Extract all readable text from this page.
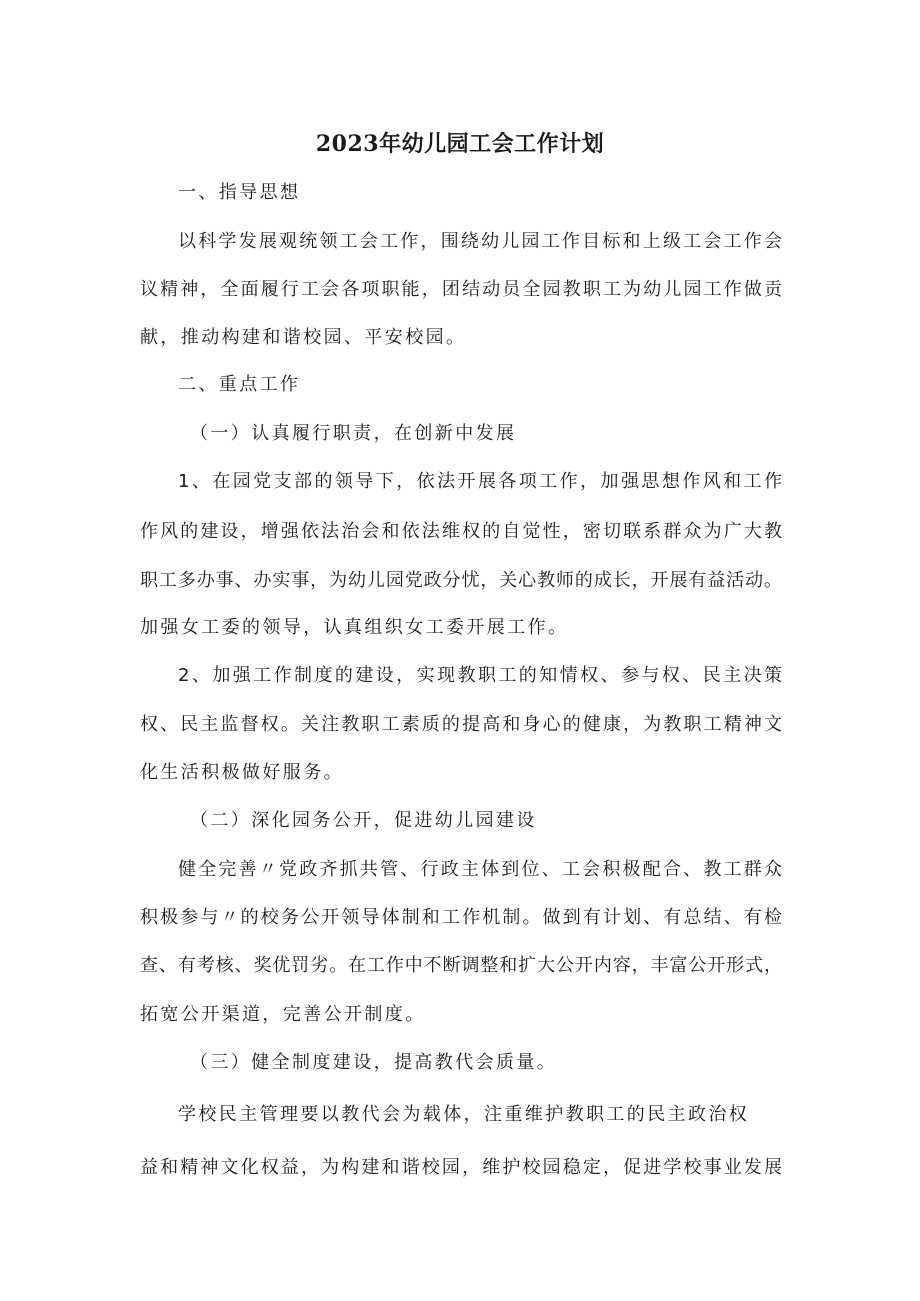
2023年幼儿园工会工作计划
一、指导思想
以科学发展观统领工会工作，围绕幼儿园工作目标和上级工会工作会
议精神，全面履行工会各项职能，团结动员全园教职工为幼儿园工作做贡
献，推动构建和谐校园、平安校园。
二、重点工作
（一）认真履行职责，在创新中发展
1、在园党支部的领导下，依法开展各项工作，加强思想作风和工作
作风的建设，增强依法治会和依法维权的自觉性，密切联系群众为广大教
职工多办事、办实事，为幼儿园党政分忧，关心教师的成长，开展有益活动。
加强女工委的领导，认真组织女工委开展工作。
2、加强工作制度的建设，实现教职工的知情权、参与权、民主决策
权、民主监督权。关注教职工素质的提高和身心的健康，为教职工精神文
化生活积极做好服务。
（二）深化园务公开，促进幼儿园建设
健全完善〃党政齐抓共管、行政主体到位、工会积极配合、教工群众
积极参与〃的校务公开领导体制和工作机制。做到有计划、有总结、有检
查、有考核、奖优罚劣。在工作中不断调整和扩大公开内容，丰富公开形式，
拓宽公开渠道，完善公开制度。
（三）健全制度建设，提高教代会质量。
学校民主管理要以教代会为载体，注重维护教职工的民主政治权
益和精神文化权益，为构建和谐校园，维护校园稳定，促进学校事业发展
